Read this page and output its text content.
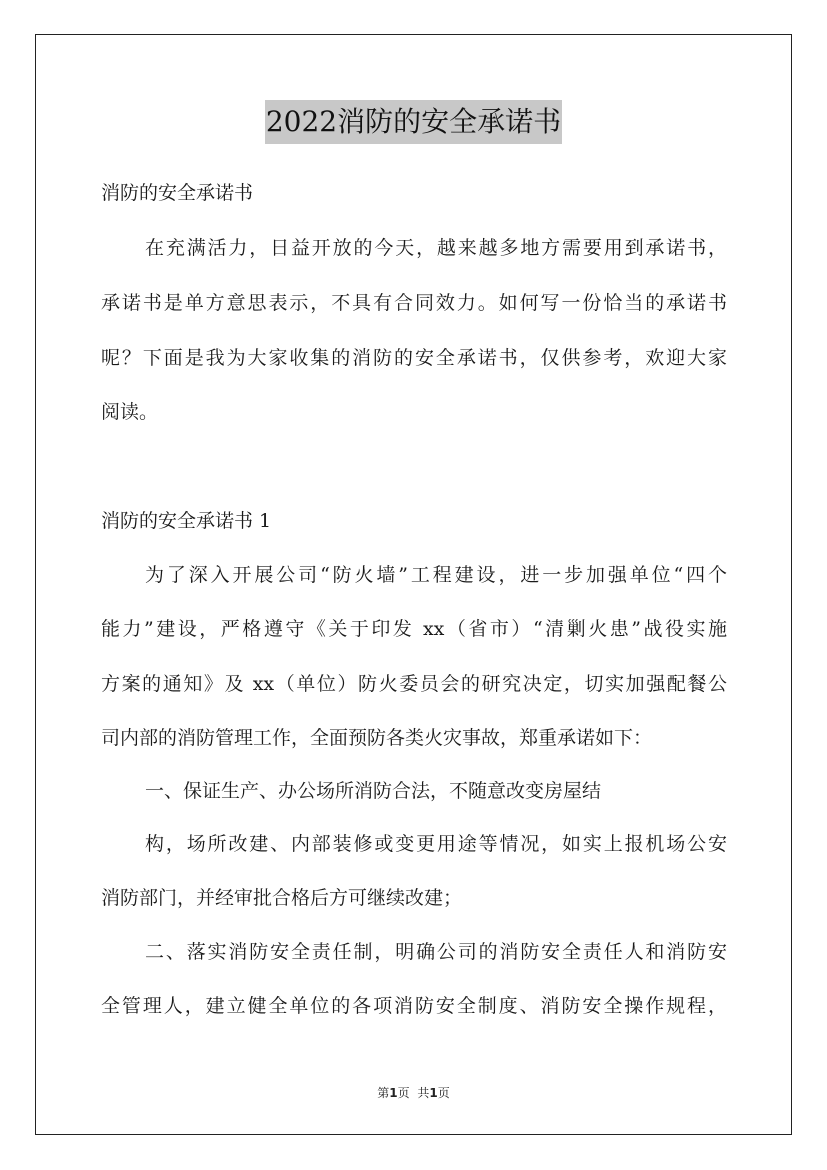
2022消防的安全承诺书
消防的安全承诺书
在充满活力，日益开放的今天，越来越多地方需要用到承诺书，
承诺书是单方意思表示，不具有合同效力。如何写一份恰当的承诺书
呢？下面是我为大家收集的消防的安全承诺书，仅供参考，欢迎大家
阅读。
消防的安全承诺书 1
为了深入开展公司“防火墙”工程建设，进一步加强单位“四个
能力”建设，严格遵守《关于印发 xx（省市）“清剿火患”战役实施
方案的通知》及 xx（单位）防火委员会的研究决定，切实加强配餐公
司内部的消防管理工作，全面预防各类火灾事故，郑重承诺如下：
一、保证生产、办公场所消防合法，不随意改变房屋结
构，场所改建、内部装修或变更用途等情况，如实上报机场公安
消防部门，并经审批合格后方可继续改建；
二、落实消防安全责任制，明确公司的消防安全责任人和消防安
全管理人，建立健全单位的各项消防安全制度、消防安全操作规程，
第1页 共1页
